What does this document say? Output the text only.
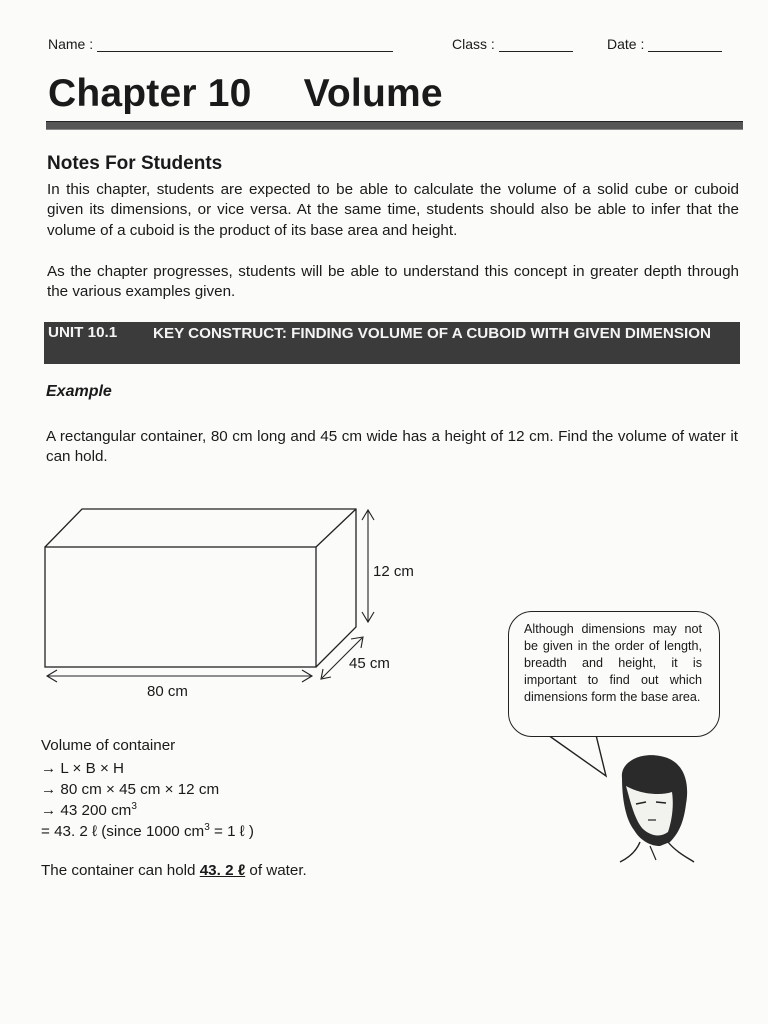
Name :	Class :	Date :
Chapter 10 Volume
Notes For Students
In this chapter, students are expected to be able to calculate the volume of a solid cube or cuboid given its dimensions, or vice versa. At the same time, students should also be able to infer that the volume of a cuboid is the product of its base area and height.
As the chapter progresses, students will be able to understand this concept in greater depth through the various examples given.
UNIT 10.1 KEY CONSTRUCT: FINDING VOLUME OF A CUBOID WITH GIVEN DIMENSION
Example
A rectangular container, 80 cm long and 45 cm wide has a height of 12 cm. Find the volume of water it can hold.
12 cm
45 cm
80 cm
Although dimensions may not be given in the order of length, breadth and height, it is important to find out which dimensions form the base area.
Volume of container
→ L × B × H
→ 80 cm × 45 cm × 12 cm
→ 43 200 $cm^3$
= 43. 2 ℓ (since 1000 $cm^3 = 1$ ℓ )
The container can hold 43. 2 ℓ of water.
